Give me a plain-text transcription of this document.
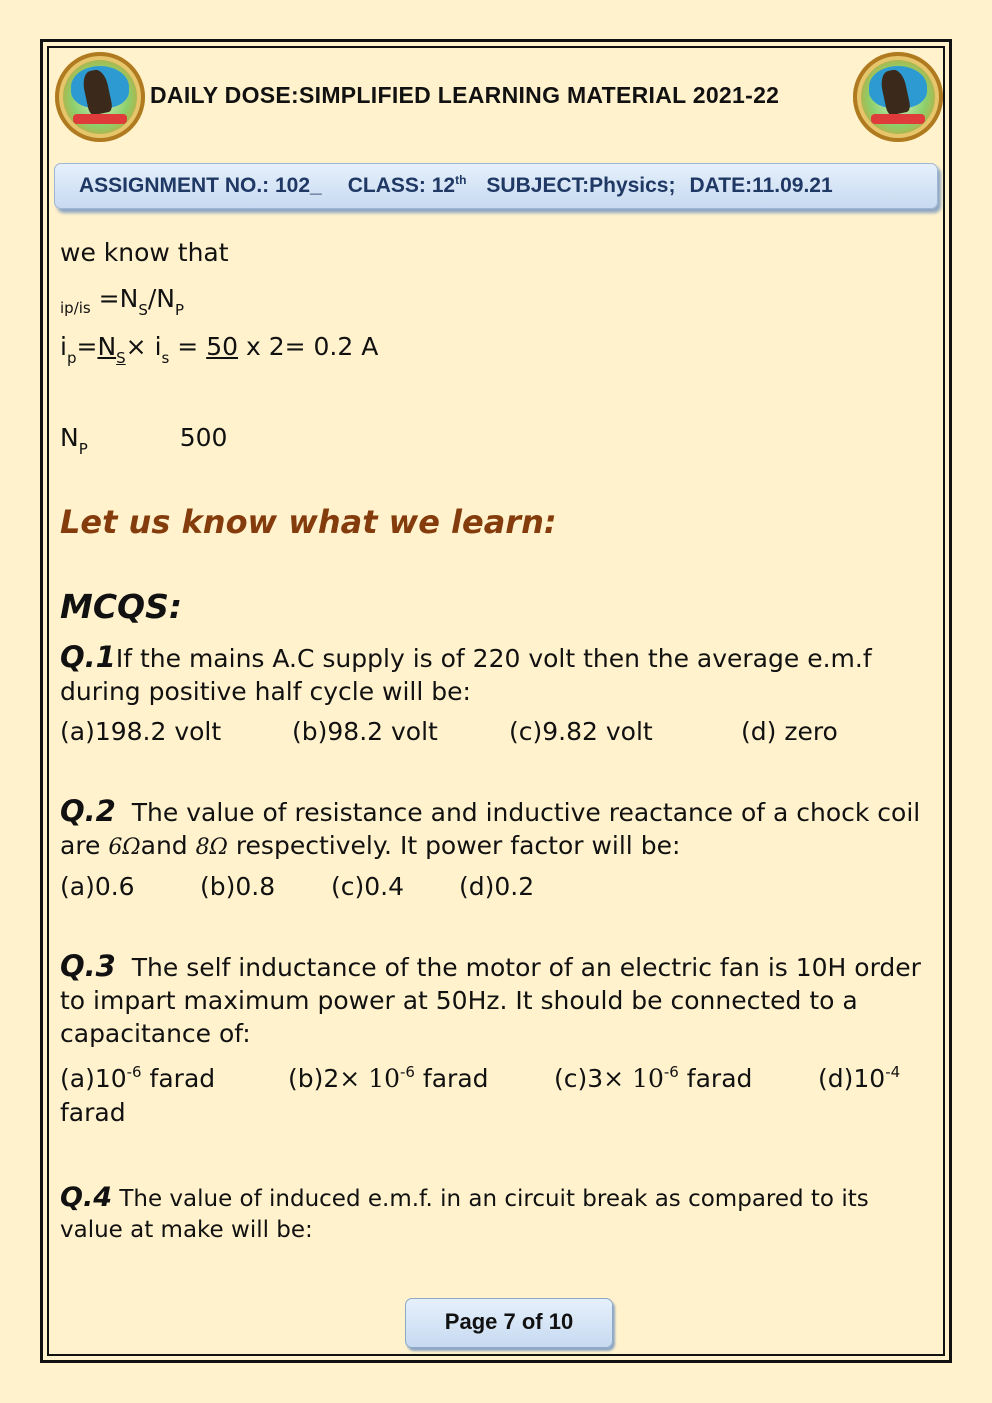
DAILY DOSE:SIMPLIFIED LEARNING MATERIAL 2021-22
ASSIGNMENT NO.: 102_ CLASS: 12th SUBJECT:Physics; DATE:11.09.21
we know that
$_{ip/is} =N_S/N_P$
$i_p=N_S\times i_s = 50$ x 2= 0.2 A
$N_P$	500
Let us know what we learn:
MCQS:
Q.1If the mains A.C supply is of 220 volt then the average e.m.f during positive half cycle will be:
(a)198.2 volt	(b)98.2 volt	(c)9.82 volt	(d) zero
Q.2 The value of resistance and inductive reactance of a chock coil are 6Ωand 8Ω respectively. It power factor will be:
(a)0.6	(b)0.8 (c)0.4 (d)0.2
Q.3 The self inductance of the motor of an electric fan is 10H order to impart maximum power at 50Hz. It should be connected to a capacitance of:
$(a)10^{-6}$ farad	$(b)2\times 10^{-6}$ farad	$(c)3\times 10^{-6}$ farad	$(d)10^{-4}$
farad
Q.4 The value of induced e.m.f. in an circuit break as compared to its value at make will be:
Page 7 of 10
